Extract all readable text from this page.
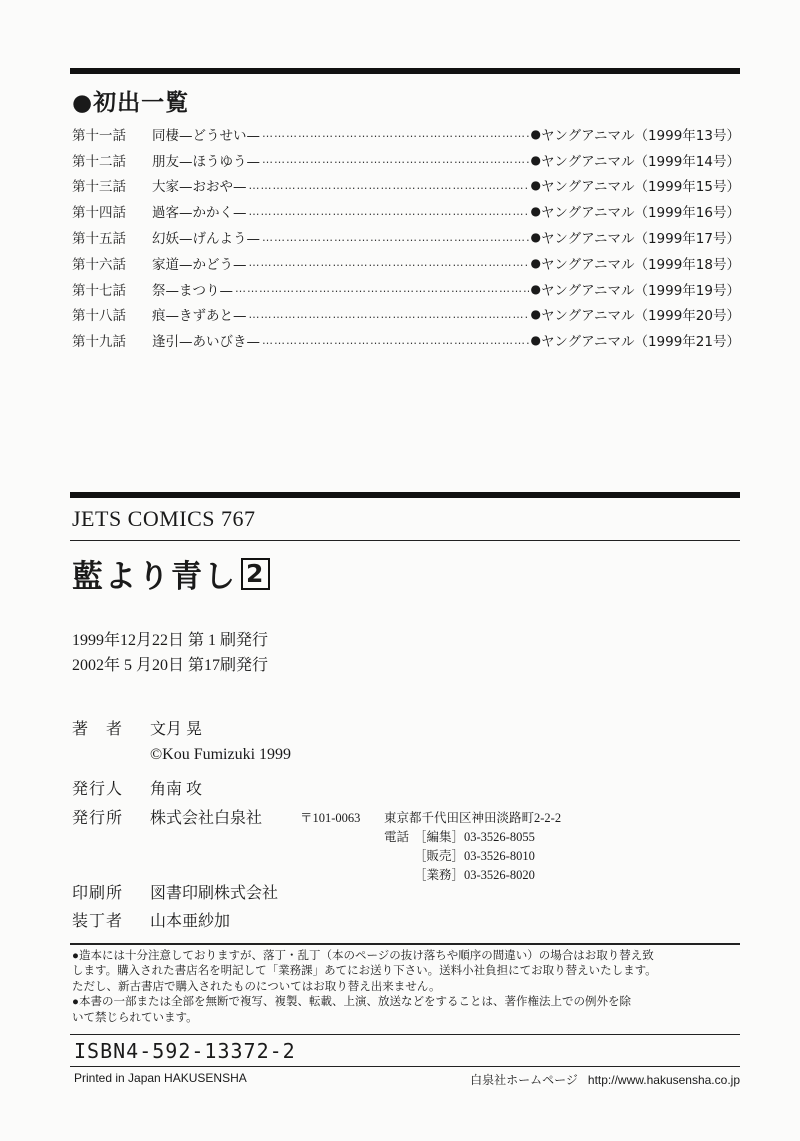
●初出一覧
第十一話	同棲—どうせい— ……………………………………………………………………………………………………………………	● ヤングアニマル（1999年13号）
第十二話	朋友—ほうゆう— ……………………………………………………………………………………………………………………	● ヤングアニマル（1999年14号）
第十三話	大家—おおや— ……………………………………………………………………………………………………………………	● ヤングアニマル（1999年15号）
第十四話	過客—かかく— ……………………………………………………………………………………………………………………	● ヤングアニマル（1999年16号）
第十五話	幻妖—げんよう— ……………………………………………………………………………………………………………………	● ヤングアニマル（1999年17号）
第十六話	家道—かどう— ……………………………………………………………………………………………………………………	● ヤングアニマル（1999年18号）
第十七話	祭—まつり— ……………………………………………………………………………………………………………………	● ヤングアニマル（1999年19号）
第十八話	痕—きずあと— ……………………………………………………………………………………………………………………	● ヤングアニマル（1999年20号）
第十九話	逢引—あいびき— ……………………………………………………………………………………………………………………	● ヤングアニマル（1999年21号）
JETS COMICS 767
藍より青し 2
1999年12月22日 第 1 刷発行
2002年 5 月20日 第17刷発行
著　者 文月 晃
©Kou Fumizuki 1999
発行人 角南 攻
発行所 株式会社白泉社	〒101-0063 東京都千代田区神田淡路町2-2-2
電話 ［編集］03-3526-8055
［販売］03-3526-8010
［業務］03-3526-8020
印刷所 図書印刷株式会社
装丁者 山本亜紗加

●造本には十分注意しておりますが、落丁・乱丁（本のページの抜け落ちや順序の間違い）の場合はお取り替え致

します。購入された書店名を明記して「業務課」あてにお送り下さい。送料小社負担にてお取り替えいたします。

ただし、新古書店で購入されたものについてはお取り替え出来ません。

●本書の一部または全部を無断で複写、複製、転載、上演、放送などをすることは、著作権法上での例外を除

いて禁じられています。

ISBN4-592-13372-2
Printed in Japan HAKUSENSHA	白泉社ホームページ http://www.hakusensha.co.jp
